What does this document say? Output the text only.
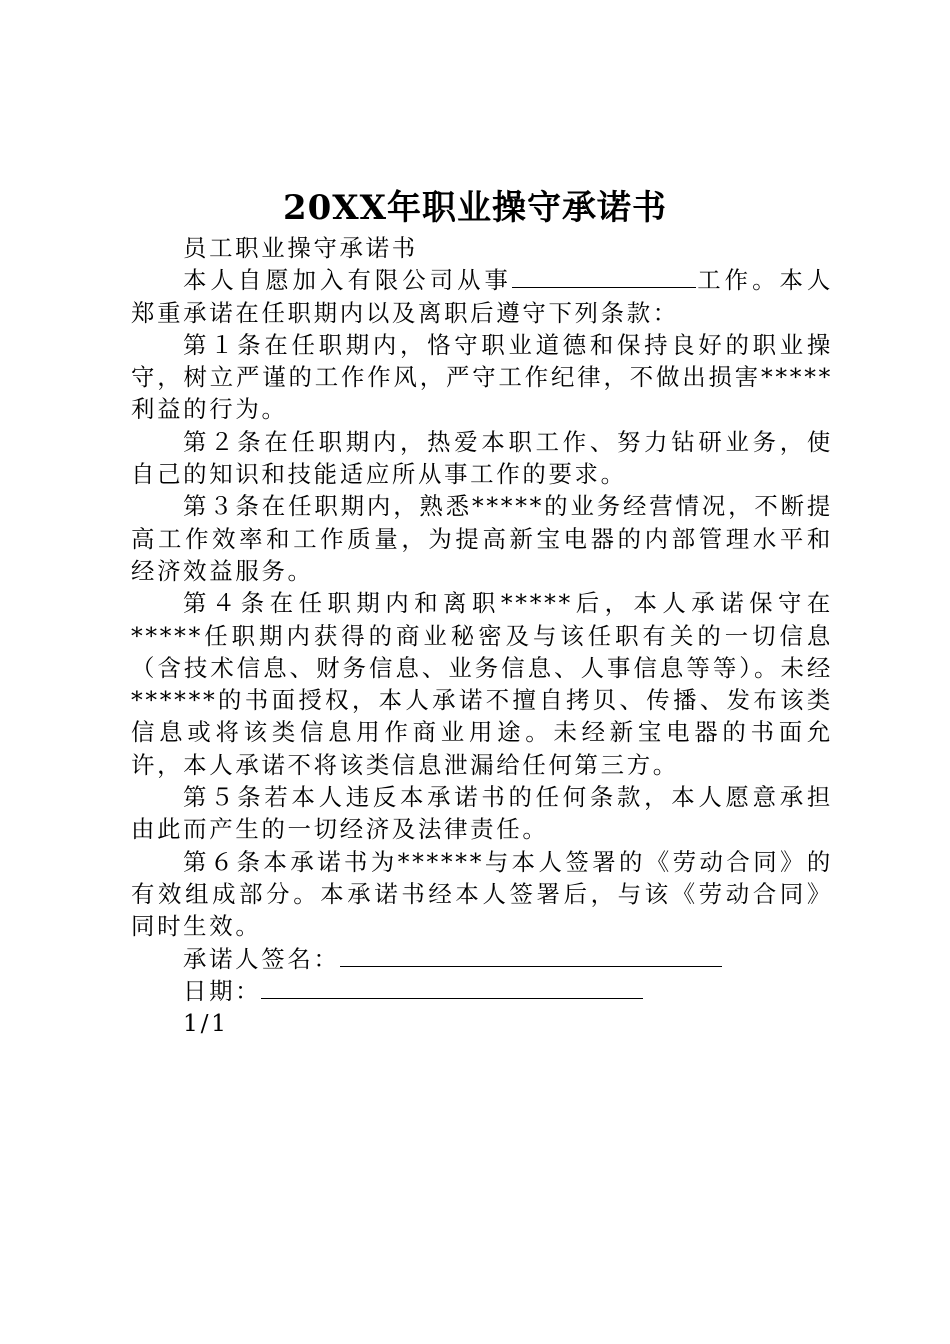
20XX年职业操守承诺书

员工职业操守承诺书

本人自愿加入有限公司从事	工作。本人郑重承诺在任职期内以及离职后遵守下列条款：

第１条在任职期内，恪守职业道德和保持良好的职业操守，树立严谨的工作作风，严守工作纪律，不做出损害*****利益的行为。

第２条在任职期内，热爱本职工作、努力钻研业务，使自己的知识和技能适应所从事工作的要求。

第３条在任职期内，熟悉*****的业务经营情况，不断提高工作效率和工作质量，为提高新宝电器的内部管理水平和经济效益服务。

第４条在任职期内和离职*****后，本人承诺保守在*****任职期内获得的商业秘密及与该任职有关的一切信息（含技术信息、财务信息、业务信息、人事信息等等）。未经******的书面授权，本人承诺不擅自拷贝、传播、发布该类信息或将该类信息用作商业用途。未经新宝电器的书面允许，本人承诺不将该类信息泄漏给任何第三方。

第５条若本人违反本承诺书的任何条款，本人愿意承担由此而产生的一切经济及法律责任。

第６条本承诺书为******与本人签署的《劳动合同》的有效组成部分。本承诺书经本人签署后，与该《劳动合同》同时生效。

承诺人签名：

日期：

1/1
